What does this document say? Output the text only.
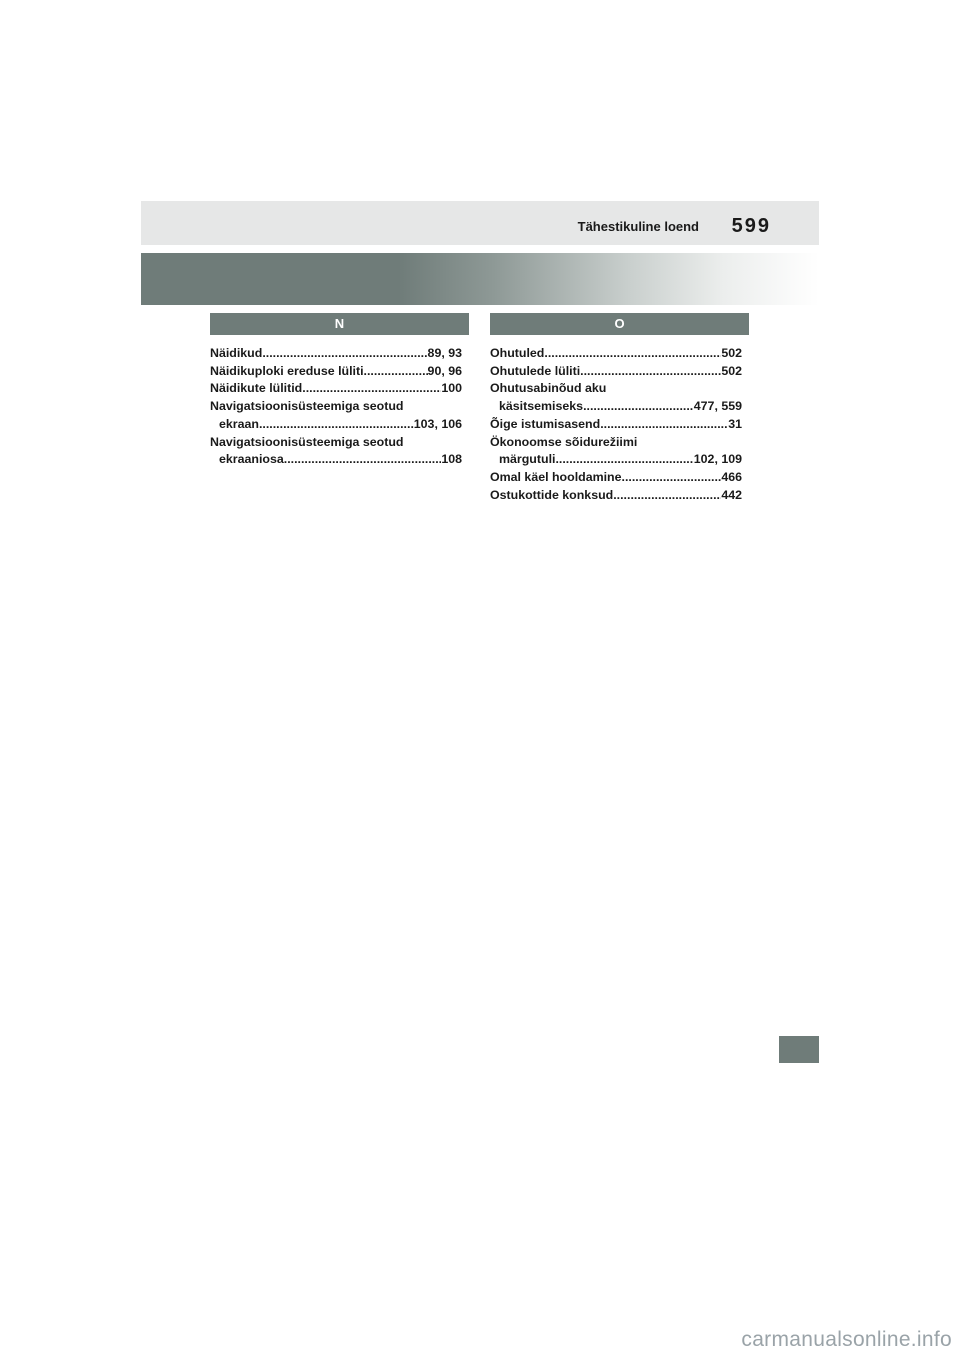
Tähestikuline loend 599
N
Näidikud .....	89, 93
Näidikuploki ereduse lüliti .....	90, 96
Näidikute lülitid .....	100
Navigatsioonisüsteemiga seotud
ekraan .....	103, 106
Navigatsioonisüsteemiga seotud
ekraaniosa .....	108
O
Ohutuled .....	502
Ohutulede lüliti .....	502
Ohutusabinõud aku
käsitsemiseks .....	477, 559
Õige istumisasend .....	31
Ökonoomse sõidurežiimi
märgutuli .....	102, 109
Omal käel hooldamine .....	466
Ostukottide konksud .....	442
carmanualsonline.info
